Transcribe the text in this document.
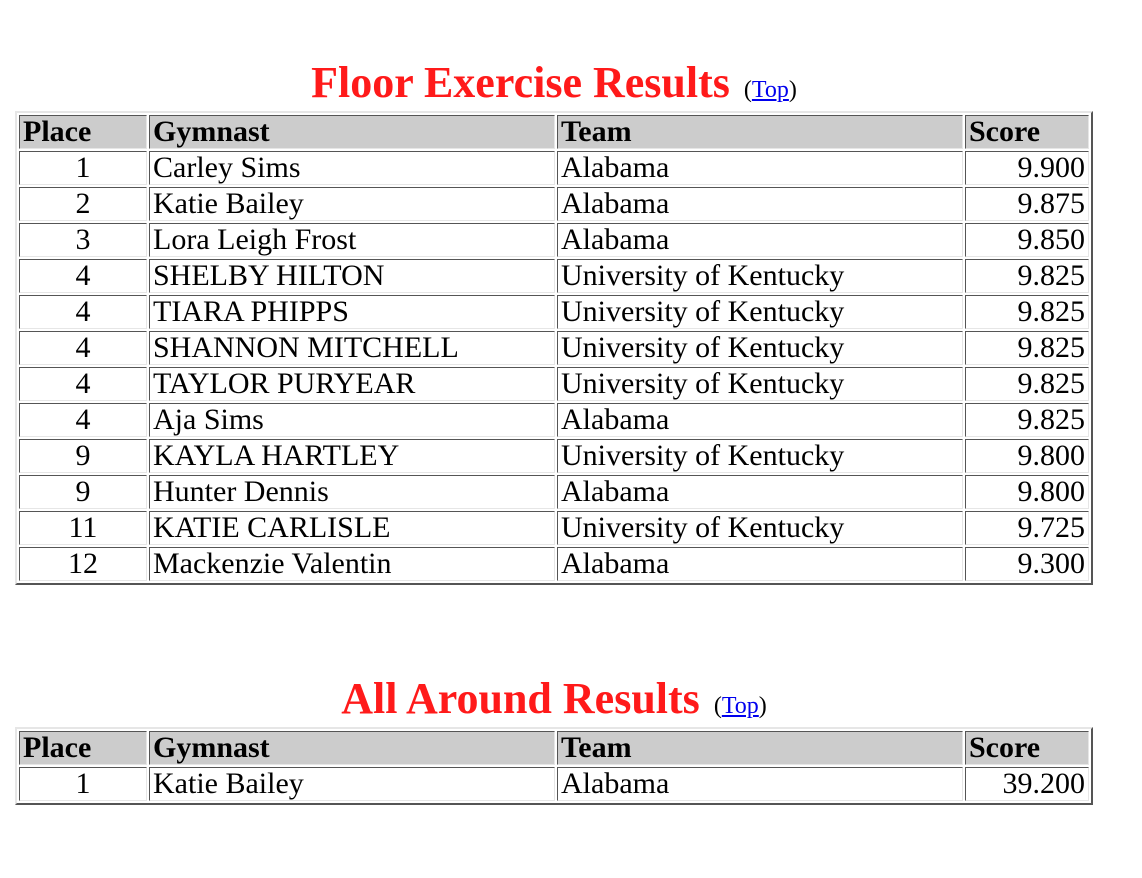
Floor Exercise Results (Top)
Place	Gymnast	Team	Score
1	Carley Sims	Alabama	9.900
2	Katie Bailey	Alabama	9.875
3	Lora Leigh Frost	Alabama	9.850
4	SHELBY HILTON	University of Kentucky	9.825
4	TIARA PHIPPS	University of Kentucky	9.825
4	SHANNON MITCHELL	University of Kentucky	9.825
4	TAYLOR PURYEAR	University of Kentucky	9.825
4	Aja Sims	Alabama	9.825
9	KAYLA HARTLEY	University of Kentucky	9.800
9	Hunter Dennis	Alabama	9.800
11	KATIE CARLISLE	University of Kentucky	9.725
12	Mackenzie Valentin	Alabama	9.300
All Around Results (Top)
Place	Gymnast	Team	Score
1	Katie Bailey	Alabama	39.200
